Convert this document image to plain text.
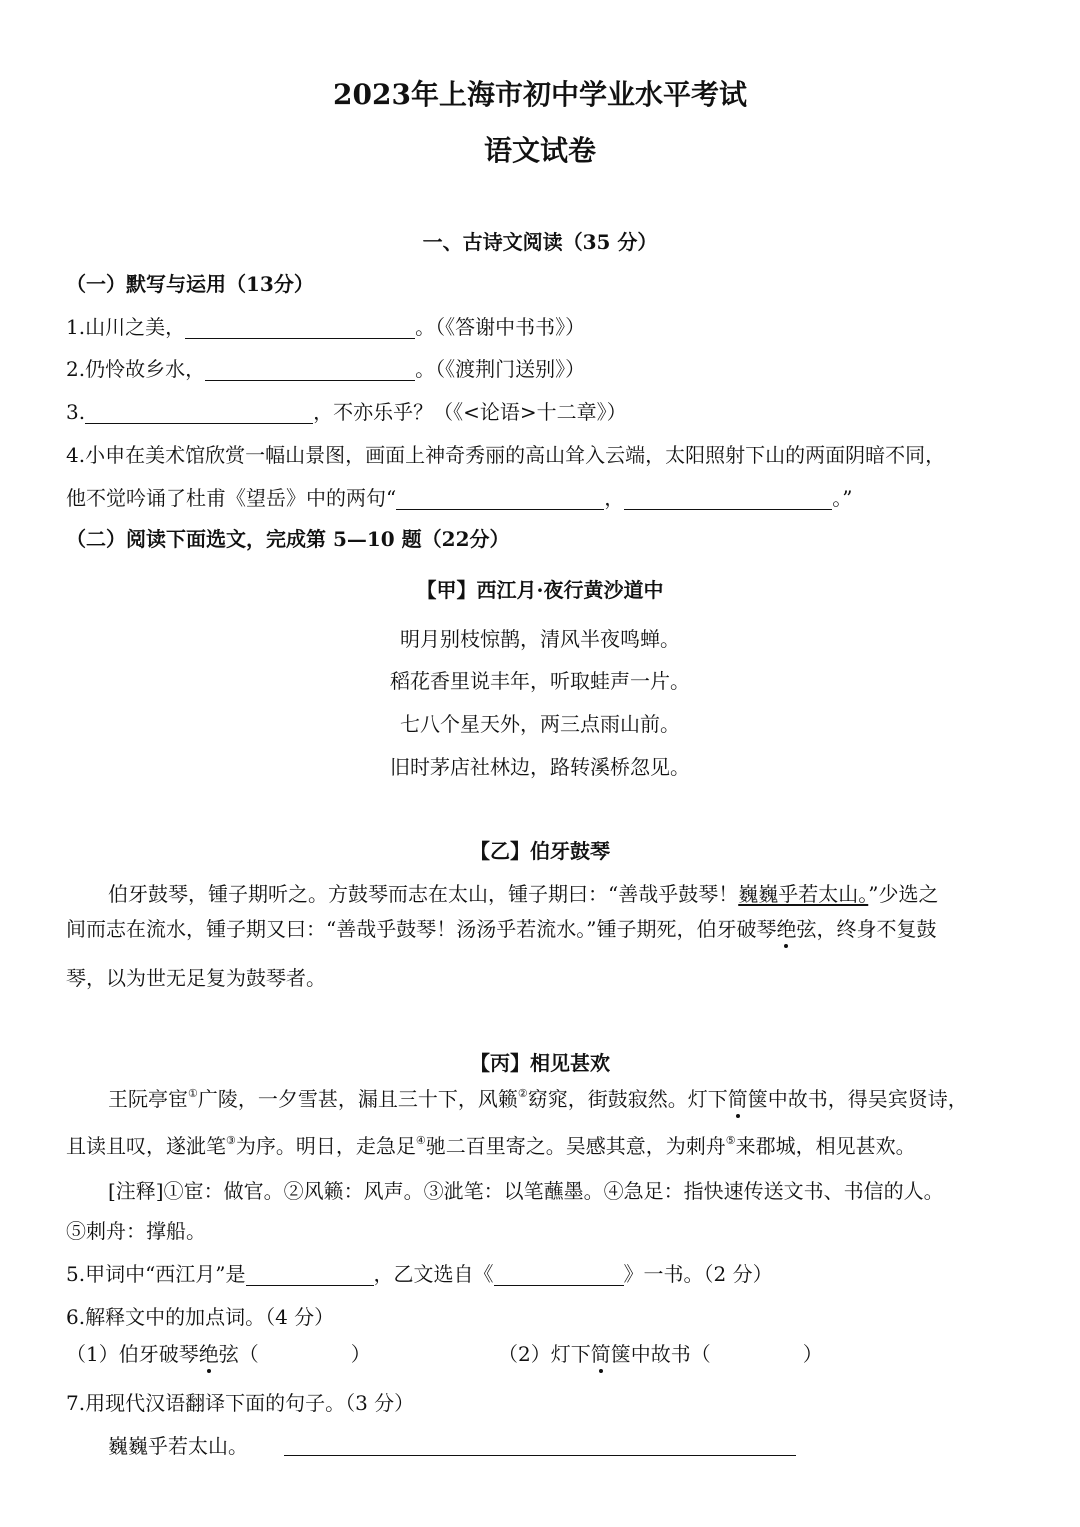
2023年上海市初中学业水平考试
语文试卷
一、古诗文阅读（35 分）
（一）默写与运用（13分）
1.山川之美，	。（《答谢中书书》）
2.仍怜故乡水，	。（《渡荆门送别》）
3.	，不亦乐乎？（《<论语>十二章》）
4.小申在美术馆欣赏一幅山景图，画面上神奇秀丽的高山耸入云端，太阳照射下山的两面阴暗不同，
他不觉吟诵了杜甫《望岳》中的两句“	，	。”
（二）阅读下面选文，完成第 5—10 题（22分）
【甲】西江月·夜行黄沙道中
明月别枝惊鹊，清风半夜鸣蝉。
稻花香里说丰年，听取蛙声一片。
七八个星天外，两三点雨山前。
旧时茅店社林边，路转溪桥忽见。
【乙】伯牙鼓琴
伯牙鼓琴，锺子期听之。方鼓琴而志在太山，锺子期曰：“善哉乎鼓琴！巍巍乎若太山。”少选之
间而志在流水，锺子期又曰：“善哉乎鼓琴！汤汤乎若流水。”锺子期死，伯牙破琴绝弦，终身不复鼓
琴，以为世无足复为鼓琴者。
【丙】相见甚欢
王阮亭宦①广陵，一夕雪甚，漏且三十下，风籁②窈窕，街鼓寂然。灯下简箧中故书，得吴宾贤诗，
且读且叹，遂泚笔③为序。明日，走急足④驰二百里寄之。吴感其意，为刺舟⑤来郡城，相见甚欢。
[注释]①宦：做官。②风籁：风声。③泚笔：以笔蘸墨。④急足：指快速传送文书、书信的人。
⑤刺舟：撑船。
5.甲词中“西江月”是	，乙文选自《	》一书。（2 分）
6.解释文中的加点词。（4 分）
（1）伯牙破琴绝弦（	）	（2）灯下简箧中故书（	）
7.用现代汉语翻译下面的句子。（3 分）
巍巍乎若太山。
